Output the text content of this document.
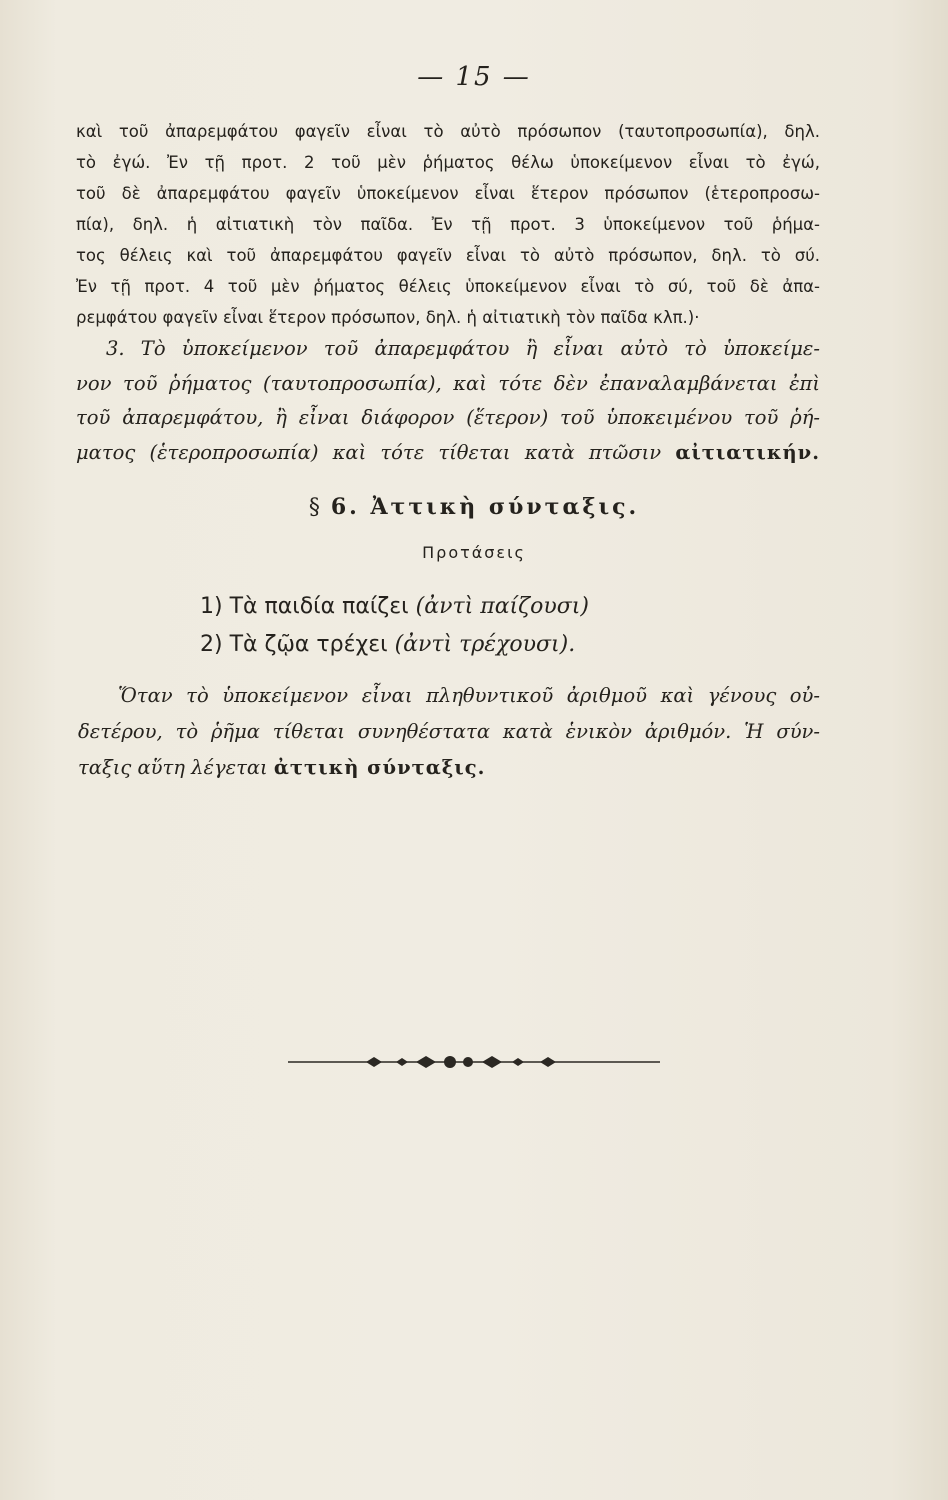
— 15 —
καὶ τοῦ ἀπαρεμφάτου φαγεῖν εἶναι τὸ αὐτὸ πρόσωπον (ταυτοπροσωπία), δηλ.
τὸ ἐγώ. Ἐν τῇ προτ. 2 τοῦ μὲν ῥήματος θέλω ὑποκείμενον εἶναι τὸ ἐγώ,
τοῦ δὲ ἀπαρεμφάτου φαγεῖν ὑποκείμενον εἶναι ἕτερον πρόσωπον (ἑτεροπροσω-
πία), δηλ. ἡ αἰτιατικὴ τὸν παῖδα. Ἐν τῇ προτ. 3 ὑποκείμενον τοῦ ῥήμα-
τος θέλεις καὶ τοῦ ἀπαρεμφάτου φαγεῖν εἶναι τὸ αὐτὸ πρόσωπον, δηλ. τὸ σύ.
Ἐν τῇ προτ. 4 τοῦ μὲν ῥήματος θέλεις ὑποκείμενον εἶναι τὸ σύ, τοῦ δὲ ἀπα-
ρεμφάτου φαγεῖν εἶναι ἕτερον πρόσωπον, δηλ. ἡ αἰτιατικὴ τὸν παῖδα κλπ.)·
3. Τὸ ὑποκείμενον τοῦ ἀπαρεμφάτου ἢ εἶναι αὐτὸ τὸ ὑποκείμε-
νον τοῦ ῥήματος (ταυτοπροσωπία), καὶ τότε δὲν ἐπαναλαμβάνεται ἐπὶ
τοῦ ἀπαρεμφάτου, ἢ εἶναι διάφορον (ἕτερον) τοῦ ὑποκειμένου τοῦ ῥή-
ματος (ἑτεροπροσωπία) καὶ τότε τίθεται κατὰ πτῶσιν αἰτιατικήν.
§ 6. Ἀττικὴ σύνταξις.
Προτάσεις
1) Τὰ παιδία παίζει (ἀντὶ παίζουσι)
2) Τὰ ζῷα τρέχει (ἀντὶ τρέχουσι).
Ὅταν τὸ ὑποκείμενον εἶναι πληθυντικοῦ ἀριθμοῦ καὶ γένους οὐ-
δετέρου, τὸ ῥῆμα τίθεται συνηθέστατα κατὰ ἑνικὸν ἀριθμόν. Ἡ σύν-
ταξις αὕτη λέγεται ἀττικὴ σύνταξις.
